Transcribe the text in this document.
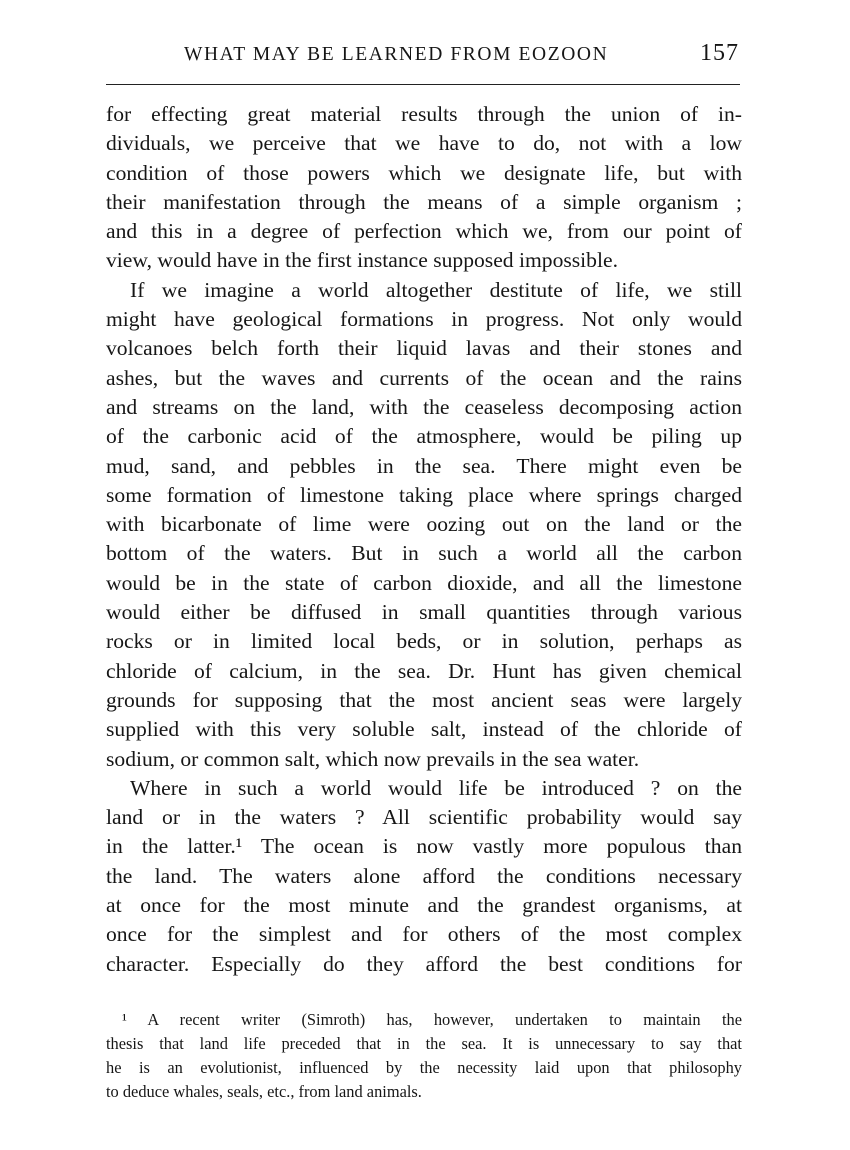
WHAT MAY BE LEARNED FROM EOZOON	157
for effecting great material results through the union of in-
dividuals, we perceive that we have to do, not with a low
condition of those powers which we designate life, but with
their manifestation through the means of a simple organism ;
and this in a degree of perfection which we, from our point of
view, would have in the first instance supposed impossible.
If we imagine a world altogether destitute of life, we still
might have geological formations in progress. Not only would
volcanoes belch forth their liquid lavas and their stones and
ashes, but the waves and currents of the ocean and the rains
and streams on the land, with the ceaseless decomposing action
of the carbonic acid of the atmosphere, would be piling up
mud, sand, and pebbles in the sea. There might even be
some formation of limestone taking place where springs charged
with bicarbonate of lime were oozing out on the land or the
bottom of the waters. But in such a world all the carbon
would be in the state of carbon dioxide, and all the limestone
would either be diffused in small quantities through various
rocks or in limited local beds, or in solution, perhaps as
chloride of calcium, in the sea. Dr. Hunt has given chemical
grounds for supposing that the most ancient seas were largely
supplied with this very soluble salt, instead of the chloride of
sodium, or common salt, which now prevails in the sea water.
Where in such a world would life be introduced ? on the
land or in the waters ? All scientific probability would say
in the latter.¹ The ocean is now vastly more populous than
the land. The waters alone afford the conditions necessary
at once for the most minute and the grandest organisms, at
once for the simplest and for others of the most complex
character. Especially do they afford the best conditions for
¹ A recent writer (Simroth) has, however, undertaken to maintain the
thesis that land life preceded that in the sea. It is unnecessary to say that
he is an evolutionist, influenced by the necessity laid upon that philosophy
to deduce whales, seals, etc., from land animals.
